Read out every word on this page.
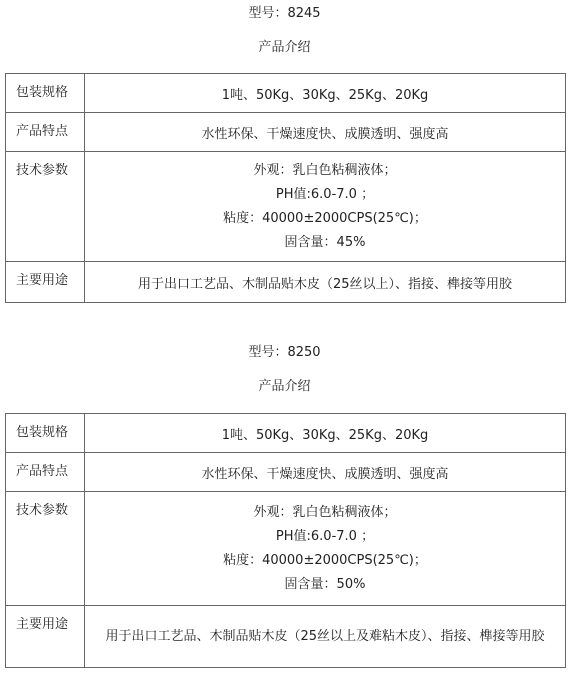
型号：8245
产品介绍
包装规格	1吨、50Kg、30Kg、25Kg、20Kg
产品特点	水性环保、干燥速度快、成膜透明、强度高
技术参数	外观：乳白色粘稠液体；
PH值:6.0-7.0 ；
粘度：40000±2000CPS(25℃)；
固含量：45%

主要用途	用于出口工艺品、木制品贴木皮（25丝以上）、指接、榫接等用胶
型号：8250
产品介绍
包装规格	1吨、50Kg、30Kg、25Kg、20Kg
产品特点	水性环保、干燥速度快、成膜透明、强度高
技术参数	外观：乳白色粘稠液体；
PH值:6.0-7.0 ；
粘度：40000±2000CPS(25℃)；
固含量：50%

主要用途	用于出口工艺品、木制品贴木皮（25丝以上及难粘木皮）、指接、榫接等用胶
